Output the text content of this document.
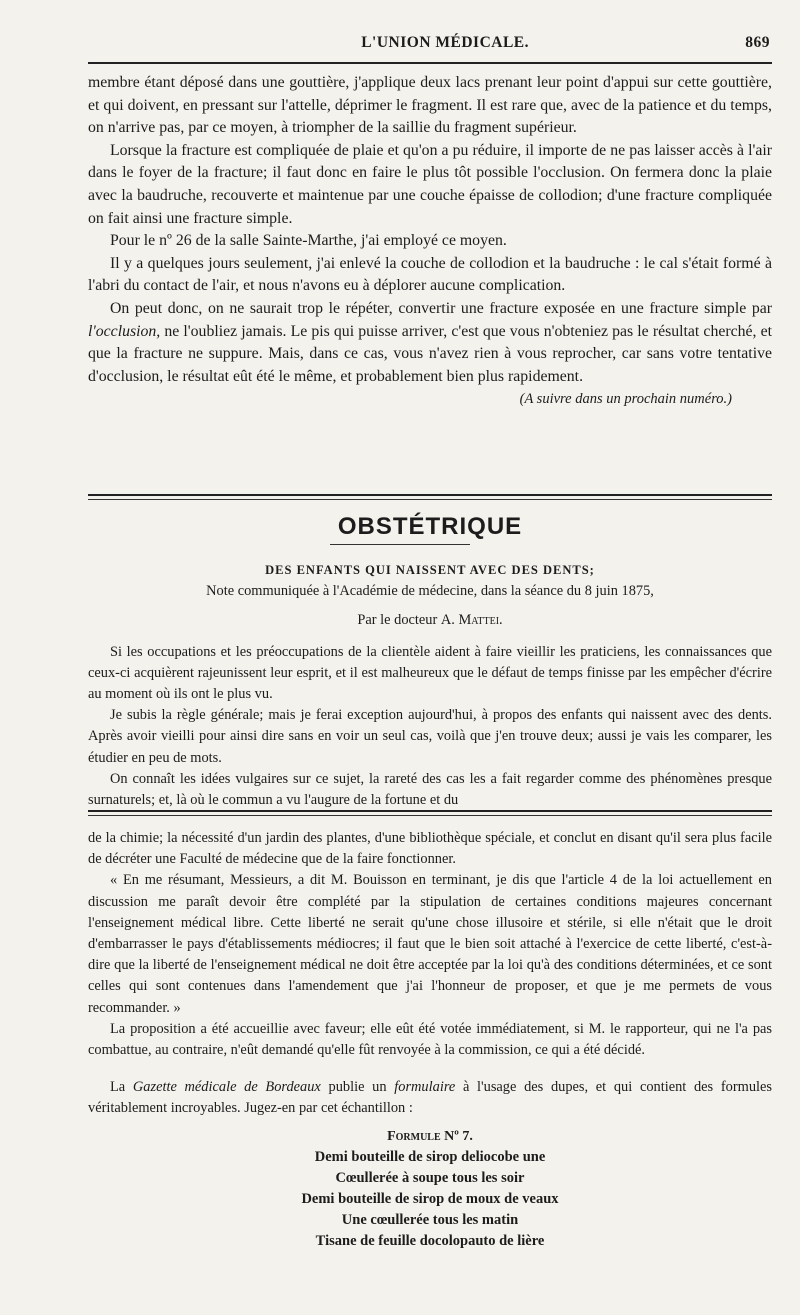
L'UNION MÉDICALE.	869

membre étant déposé dans une gouttière, j'applique deux lacs prenant leur point d'appui sur cette gouttière, et qui doivent, en pressant sur l'attelle, déprimer le fragment. Il est rare que, avec de la patience et du temps, on n'arrive pas, par ce moyen, à triompher de la saillie du fragment supérieur.

Lorsque la fracture est compliquée de plaie et qu'on a pu réduire, il importe de ne pas laisser accès à l'air dans le foyer de la fracture; il faut donc en faire le plus tôt possible l'occlusion. On fermera donc la plaie avec la baudruche, recouverte et maintenue par une couche épaisse de collodion; d'une fracture compliquée on fait ainsi une fracture simple.

Pour le nº 26 de la salle Sainte-Marthe, j'ai employé ce moyen.

Il y a quelques jours seulement, j'ai enlevé la couche de collodion et la baudruche : le cal s'était formé à l'abri du contact de l'air, et nous n'avons eu à déplorer aucune complication.

On peut donc, on ne saurait trop le répéter, convertir une fracture exposée en une fracture simple par l'occlusion, ne l'oubliez jamais. Le pis qui puisse arriver, c'est que vous n'obteniez pas le résultat cherché, et que la fracture ne suppure. Mais, dans ce cas, vous n'avez rien à vous reprocher, car sans votre tentative d'occlusion, le résultat eût été le même, et probablement bien plus rapidement.

(A suivre dans un prochain numéro.)

OBSTÉTRIQUE

DES ENFANTS QUI NAISSENT AVEC DES DENTS;

Note communiquée à l'Académie de médecine, dans la séance du 8 juin 1875,

Par le docteur A. Mattei.

Si les occupations et les préoccupations de la clientèle aident à faire vieillir les praticiens, les connaissances que ceux-ci acquièrent rajeunissent leur esprit, et il est malheureux que le défaut de temps finisse par les empêcher d'écrire au moment où ils ont le plus vu.

Je subis la règle générale; mais je ferai exception aujourd'hui, à propos des enfants qui naissent avec des dents. Après avoir vieilli pour ainsi dire sans en voir un seul cas, voilà que j'en trouve deux; aussi je vais les comparer, les étudier en peu de mots.

On connaît les idées vulgaires sur ce sujet, la rareté des cas les a fait regarder comme des phénomènes presque surnaturels; et, là où le commun a vu l'augure de la fortune et du

de la chimie; la nécessité d'un jardin des plantes, d'une bibliothèque spéciale, et conclut en disant qu'il sera plus facile de décréter une Faculté de médecine que de la faire fonctionner.

« En me résumant, Messieurs, a dit M. Bouisson en terminant, je dis que l'article 4 de la loi actuellement en discussion me paraît devoir être complété par la stipulation de certaines conditions majeures concernant l'enseignement médical libre. Cette liberté ne serait qu'une chose illusoire et stérile, si elle n'était que le droit d'embarrasser le pays d'établissements médiocres; il faut que le bien soit attaché à l'exercice de cette liberté, c'est-à-dire que la liberté de l'enseignement médical ne doit être acceptée par la loi qu'à des conditions déterminées, et ce sont celles qui sont contenues dans l'amendement que j'ai l'honneur de proposer, et que je me permets de vous recommander. »

La proposition a été accueillie avec faveur; elle eût été votée immédiatement, si M. le rapporteur, qui ne l'a pas combattue, au contraire, n'eût demandé qu'elle fût renvoyée à la commission, ce qui a été décidé.

La Gazette médicale de Bordeaux publie un formulaire à l'usage des dupes, et qui contient des formules véritablement incroyables. Jugez-en par cet échantillon :

Formule Nº 7.

Demi bouteille de sirop deliocobe une

Cœullerée à soupe tous les soir

Demi bouteille de sirop de moux de veaux

Une cœullerée tous les matin

Tisane de feuille docolopauto de lière
